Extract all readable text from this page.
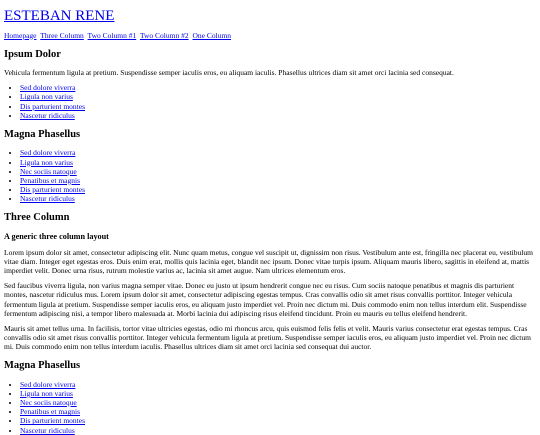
ESTEBAN RENE
Homepage Three Column Two Column #1 Two Column #2 One Column
Ipsum Dolor

Vehicula fermentum ligula at pretium. Suspendisse semper iaculis eros, eu aliquam iaculis. Phasellus ultrices diam sit amet orci lacinia sed consequat.

• Sed dolore viverra
• Ligula non varius
• Dis parturient montes
• Nascetur ridiculus
Magna Phasellus
• Sed dolore viverra
• Ligula non varius
• Nec sociis natoque
• Penatibus et magnis
• Dis parturient montes
• Nascetur ridiculus
Three Column
A generic three column layout

Lorem ipsum dolor sit amet, consectetur adipiscing elit. Nunc quam metus, congue vel suscipit ut, dignissim non risus. Vestibulum ante est, fringilla nec placerat eu, vestibulum vitae diam. Integer eget egestas eros. Duis enim erat, mollis quis lacinia eget, blandit nec ipsum. Donec vitae turpis ipsum. Aliquam mauris libero, sagittis in eleifend at, mattis imperdiet velit. Donec urna risus, rutrum molestie varius ac, lacinia sit amet augue. Nam ultrices elementum eros.

Sed faucibus viverra ligula, non varius magna semper vitae. Donec eu justo ut ipsum hendrerit congue nec eu risus. Cum sociis natoque penatibus et magnis dis parturient montes, nascetur ridiculus mus. Lorem ipsum dolor sit amet, consectetur adipiscing egestas tempus. Cras convallis odio sit amet risus convallis porttitor. Integer vehicula fermentum ligula at pretium. Suspendisse semper iaculis eros, eu aliquam justo imperdiet vel. Proin nec dictum mi. Duis commodo enim non tellus interdum elit. Suspendisse fermentum adipiscing nisi, a tempor libero malesuada at. Morbi lacinia dui adipiscing risus eleifend tincidunt. Proin eu mauris eu tellus eleifend hendrerit.

Mauris sit amet tellus urna. In facilisis, tortor vitae ultricies egestas, odio mi rhoncus arcu, quis euismod felis felis et velit. Mauris varius consectetur erat egestas tempus. Cras convallis odio sit amet risus convallis porttitor. Integer vehicula fermentum ligula at pretium. Suspendisse semper iaculis eros, eu aliquam justo imperdiet vel. Proin nec dictum mi. Duis commodo enim non tellus interdum iaculis. Phasellus ultrices diam sit amet orci lacinia sed consequat dui auctor.

Magna Phasellus
• Sed dolore viverra
• Ligula non varius
• Nec sociis natoque
• Penatibus et magnis
• Dis parturient montes
• Nascetur ridiculus
